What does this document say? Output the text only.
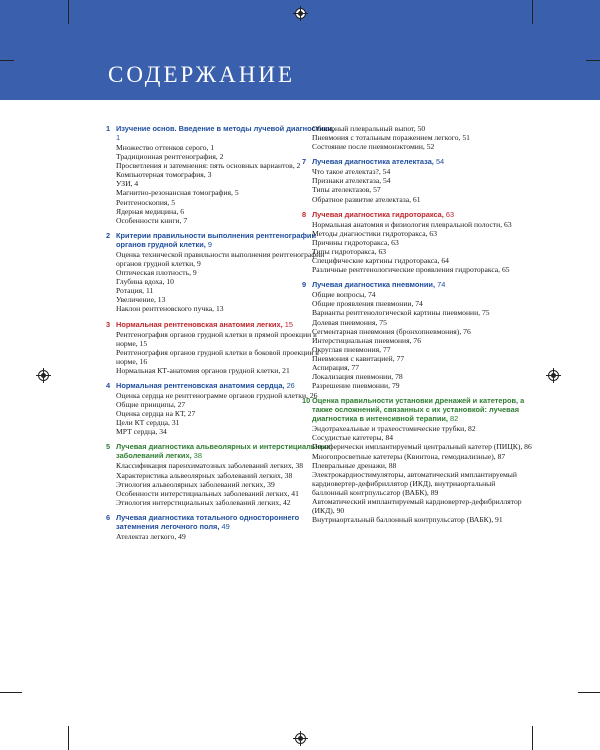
СОДЕРЖАНИЕ
1 Изучение основ. Введение в методы лучевой диагностики, 1
Множество оттенков серого, 1
Традиционная рентгенография, 2
Просветления и затемнения: пять основных вариантов, 2
Компьютерная томография, 3
УЗИ, 4
Магнитно-резонансная томография, 5
Рентгеноскопия, 5
Ядерная медицина, 6
Особенности книги, 7
2 Критерии правильности выполнения рентгенографии органов грудной клетки, 9
Оценка технической правильности выполнения рентгенографии органов грудной клетки, 9
Оптическая плотность, 9
Глубина вдоха, 10
Ротация, 11
Увеличение, 13
Наклон рентгеновского пучка, 13
3 Нормальная рентгеновская анатомия легких, 15
Рентгенография органов грудной клетки в прямой проекции в норме, 15
Рентгенография органов грудной клетки в боковой проекции в норме, 16
Нормальная КТ-анатомия органов грудной клетки, 21
4 Нормальная рентгеновская анатомия сердца, 26
Оценка сердца не рентгенограмме органов грудной клетки, 26
Общие принципы, 27
Оценка сердца на КТ, 27
Цели КТ сердца, 31
МРТ сердца, 34
5 Лучевая диагностика альвеолярных и интерстициальных заболеваний легких, 38
Классификация паренхиматозных заболеваний легких, 38
Характеристика альвеолярных заболеваний легких, 38
Этиология альвеолярных заболеваний легких, 39
Особенности интерстициальных заболеваний легких, 41
Этиология интерстициальных заболеваний легких, 42
6 Лучевая диагностика тотального одностороннего затемнения легочного поля, 49
Ателектаз легкого, 49
Обширный плевральный выпот, 50
Пневмония с тотальным поражением легкого, 51
Состояние после пневмонэктомии, 52
7 Лучевая диагностика ателектаза, 54
Что такое ателектаз?, 54
Признаки ателектаза, 54
Типы ателектазов, 57
Обратное развитие ателектаза, 61
8 Лучевая диагностика гидроторакса, 63
Нормальная анатомия и физиология плевральной полости, 63
Методы диагностики гидроторакса, 63
Причины гидроторакса, 63
Типы гидроторакса, 63
Специфические картины гидроторакса, 64
Различные рентгенологические проявления гидроторакса, 65
9 Лучевая диагностика пневмонии, 74
Общие вопросы, 74
Общие проявления пневмонии, 74
Варианты рентгенологической картины пневмонии, 75
Долевая пневмония, 75
Сегментарная пневмония (бронхопневмония), 76
Интерстициальная пневмония, 76
Округлая пневмония, 77
Пневмония с кавитацией, 77
Аспирация, 77
Локализация пневмонии, 78
Разрешение пневмонии, 79
10 Оценка правильности установки дренажей и катетеров, а также осложнений, связанных с их установкой: лучевая диагностика в интенсивной терапии, 82
Эндотрахеальные и трахеостомические трубки, 82
Сосудистые катетеры, 84
Периферически имплантируемый центральный катетер (ПИЦК), 86
Многопросветные катетеры (Квинтона, гемодиализные), 87
Плевральные дренажи, 88
Электрокардиостимуляторы, автоматический имплантируемый кардиовертер-дефибриллятор (ИКД), внутриаортальный баллонный контрпульсатор (ВАБК), 89
Автоматический имплантируемый кардиовертер-дефибриллятор (ИКД), 90
Внутриаортальный баллонный контрпульсатор (ВАБК), 91
